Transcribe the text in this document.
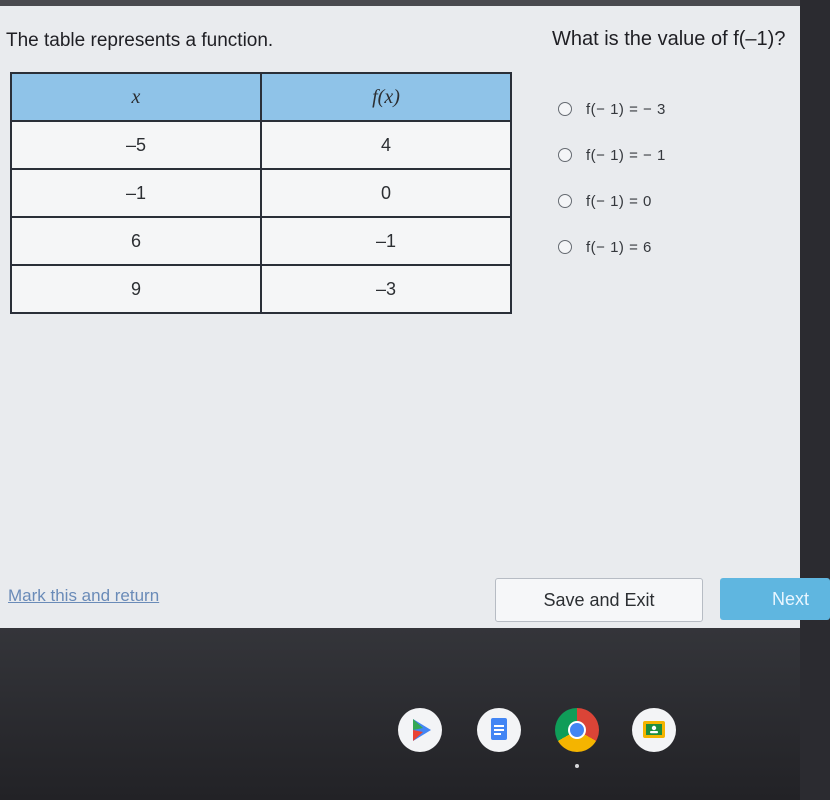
The table represents a function.	What is the value of f(–1)?
x	f(x)
–5	4
–1	0
6	–1
9	–3
f(− 1) = − 3
f(− 1) = − 1
f(− 1) = 0
f(− 1) = 6
Mark this and return	Save and Exit	Next
